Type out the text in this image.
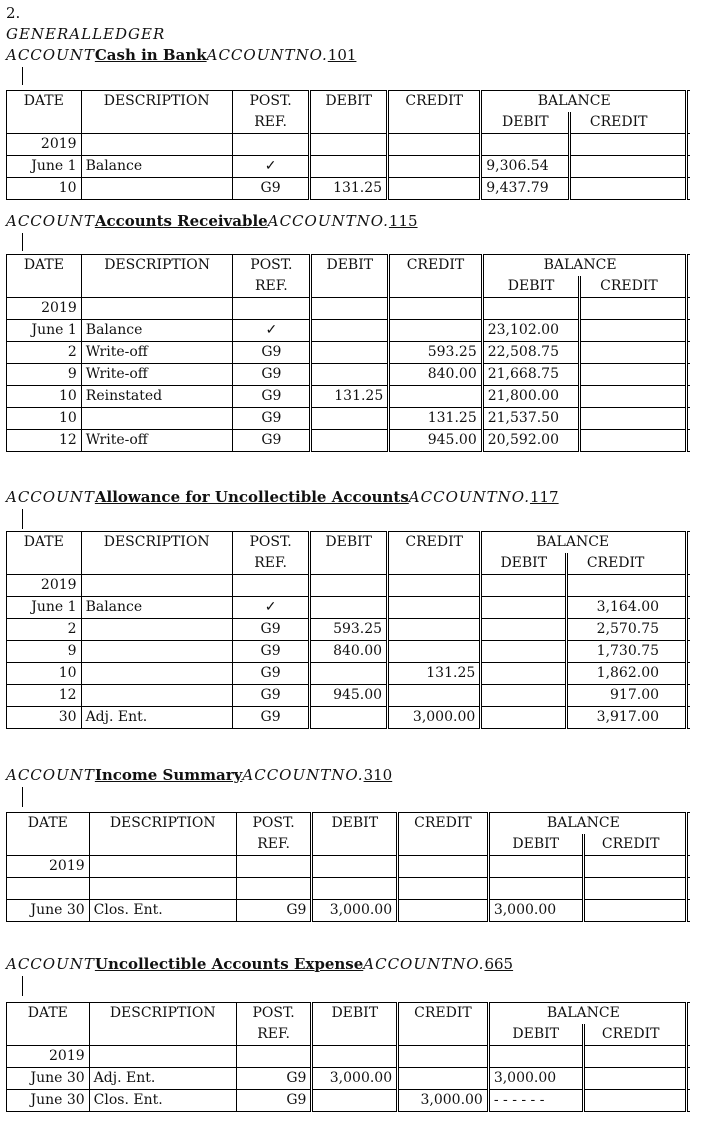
2.
GENERALLEDGER
ACCOUNTCash in BankACCOUNTNO.101
DATE	DESCRIPTION	POST.	DEBIT	CREDIT	BALANCE			
		REF.			DEBIT	CREDIT		
2019								
June 1	Balance	✓			9,306.54			
10		G9	131.25		9,437.79			
ACCOUNTAccounts ReceivableACCOUNTNO.115
DATE	DESCRIPTION	POST.	DEBIT	CREDIT	BALANCE			
		REF.			DEBIT	CREDIT		
2019								
June 1	Balance	✓			23,102.00			
2	Write-off	G9		593.25	22,508.75			
9	Write-off	G9		840.00	21,668.75			
10	Reinstated	G9	131.25		21,800.00			
10		G9		131.25	21,537.50			
12	Write-off	G9		945.00	20,592.00			
ACCOUNTAllowance for Uncollectible AccountsACCOUNTNO.117
DATE	DESCRIPTION	POST.	DEBIT	CREDIT	BALANCE			
		REF.			DEBIT	CREDIT		
2019								
June 1	Balance	✓				3,164.00		
2		G9	593.25			2,570.75		
9		G9	840.00			1,730.75		
10		G9		131.25		1,862.00		
12		G9	945.00			917.00		
30	Adj. Ent.	G9		3,000.00		3,917.00		
ACCOUNTIncome SummaryACCOUNTNO.310
DATE	DESCRIPTION	POST.	DEBIT	CREDIT	BALANCE			
		REF.			DEBIT	CREDIT		
2019								

June 30	Clos. Ent.	G9	3,000.00		3,000.00			
ACCOUNTUncollectible Accounts ExpenseACCOUNTNO.665
DATE	DESCRIPTION	POST.	DEBIT	CREDIT	BALANCE			
		REF.			DEBIT	CREDIT		
2019								
June 30	Adj. Ent.	G9	3,000.00		3,000.00			
June 30	Clos. Ent.	G9		3,000.00	- - - - - -			
